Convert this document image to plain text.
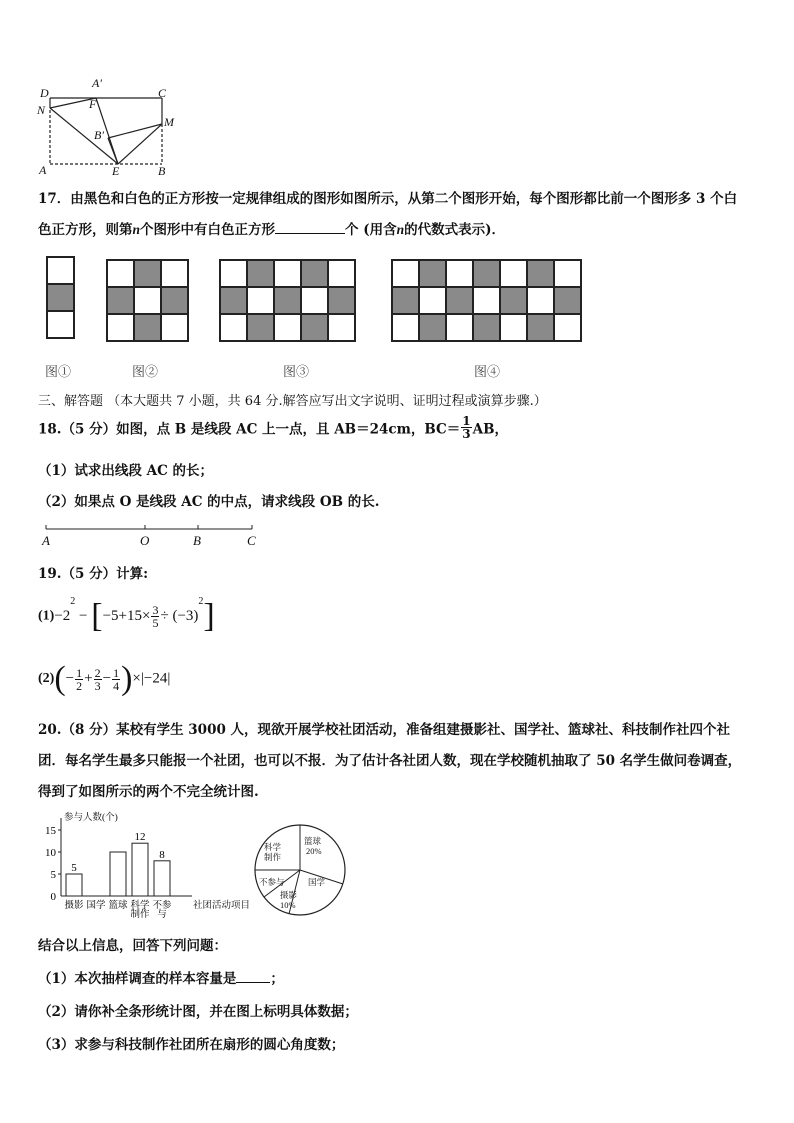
D
A′
C
N	F
B′
M
A	E	B
17．由黑色和白色的正方形按一定规律组成的图形如图所示，从第二个图形开始，每个图形都比前一个图形多 3 个白
色正方形，则第n个图形中有白色正方形	个 (用含n的代数式表示)．

图①	图②	图③	图④
三、解答题 （本大题共 7 小题，共 64 分.解答应写出文字说明、证明过程或演算步骤.）
18.（5 分）如图，点 B 是线段 AC 上一点，且 AB＝24cm，$BC= \frac{1}{3}$ AB，
（1）试求出线段 AC 的长；
（2）如果点 O 是线段 AC 的中点，请求线段 OB 的长.
A	O	B	C
19.（5 分）计算:
$(1)-2^2 - [-5+15\times \frac{3}{5} \div (-3)^2]$
$(2)(- \frac{1}{2} + \frac{2}{3} - \frac{1}{4} )\times|-24|$
20.（8 分）某校有学生 3000 人，现欲开展学校社团活动，准备组建摄影社、国学社、篮球社、科技制作社四个社
团．每名学生最多只能报一个社团，也可以不报．为了估计各社团人数，现在学校随机抽取了 50 名学生做问卷调查，
得到了如图所示的两个不完全统计图.
参与人数(个)
0
5
10
15
5
12
8
摄影 国学 篮球 科学制作
不参与
社团活动项目
篮球
20%
国学
摄影
10%
不参与
科学制作
结合以上信息，回答下列问题：
（1）本次抽样调查的样本容量是	；
（2）请你补全条形统计图，并在图上标明具体数据；
（3）求参与科技制作社团所在扇形的圆心角度数；
